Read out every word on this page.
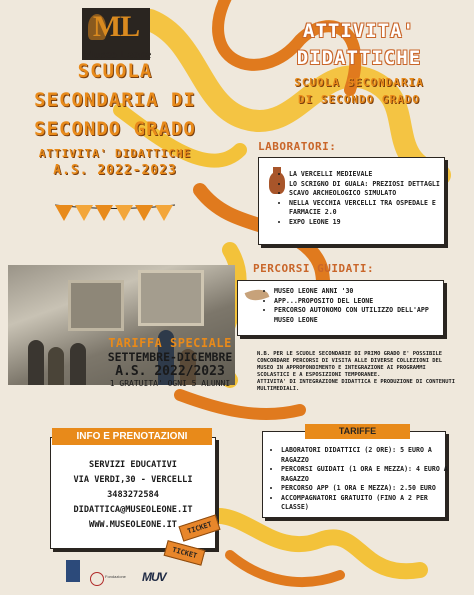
ML
Museo Leone
SCUOLA
SECONDARIA DI
SECONDO GRADO
ATTIVITA' DIDATTICHE
A.S. 2022-2023
TARIFFA SPECIALE
SETTEMBRE-DICEMBRE
A.S. 2022/2023
1 GRATUITA' OGNI 5 ALUNNI
SERVIZI EDUCATIVI
VIA VERDI,30 - VERCELLI
3483272584
DIDATTICA@MUSEOLEONE.IT
WWW.MUSEOLEONE.IT
INFO E PRENOTAZIONI
TICKET
TICKET
Fondazione MUV
ATTIVITA'
DIDATTICHE
SCUOLA SECONDARIA
DI SECONDO GRADO
LABORATORI:
• LA VERCELLI MEDIEVALE
• LO SCRIGNO DI GUALA: PREZIOSI DETTAGLI
• SCAVO ARCHEOLOGICO SIMULATO
• NELLA VECCHIA VERCELLI TRA OSPEDALE E FARMACIE 2.0
• EXPO LEONE 19
PERCORSI GUIDATI:
• MUSEO LEONE ANNI '30
• APP...PROPOSITO DEL LEONE
• PERCORSO AUTONOMO CON UTILIZZO DELL'APP MUSEO LEONE
N.B. PER LE SCUOLE SECONDARIE DI PRIMO GRADO E' POSSIBILE CONCORDARE PERCORSI DI VISITA ALLE DIVERSE COLLEZIONI DEL MUSEO IN APPROFONDIMENTO E INTEGRAZIONE AI PROGRAMMI SCOLASTICI E A ESPOSIZIONI TEMPORANEE.
ATTIVITA' DI INTEGRAZIONE DIDATTICA E PRODUZIONE DI CONTENUTI MULTIMEDIALI.
• LABORATORI DIDATTICI (2 ORE): 5 EURO A RAGAZZO
• PERCORSI GUIDATI (1 ORA E MEZZA): 4 EURO A RAGAZZO
• PERCORSO APP (1 ORA E MEZZA): 2.50 EURO
• ACCOMPAGNATORI GRATUITO (FINO A 2 PER CLASSE)
TARIFFE
